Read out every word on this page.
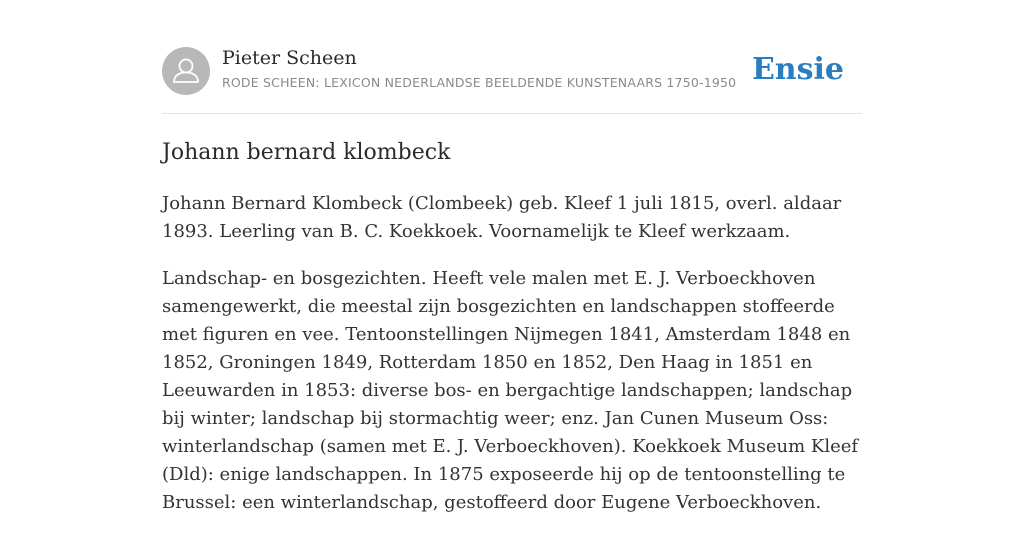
Pieter Scheen
RODE SCHEEN: LEXICON NEDERLANDSE BEELDENDE KUNSTENAARS 1750-1950 Ensie
Johann bernard klombeck

Johann Bernard Klombeck (Clombeek) geb. Kleef 1 juli 1815, overl. aldaar 1893. Leerling van B. C. Koekkoek. Voornamelijk te Kleef werkzaam.

Landschap- en bosgezichten. Heeft vele malen met E. J. Verboeckhoven samengewerkt, die meestal zijn bosgezichten en landschappen stoffeerde met figuren en vee. Tentoonstellingen Nijmegen 1841, Amsterdam 1848 en 1852, Groningen 1849, Rotterdam 1850 en 1852, Den Haag in 1851 en Leeuwarden in 1853: diverse bos- en bergachtige landschappen; landschap bij winter; landschap bij stormachtig weer; enz. Jan Cunen Museum Oss: winterlandschap (samen met E. J. Verboeckhoven). Koekkoek Museum Kleef (Dld): enige landschappen. In 1875 exposeerde hij op de tentoonstelling te Brussel: een winterlandschap, gestoffeerd door Eugene Verboeckhoven.
